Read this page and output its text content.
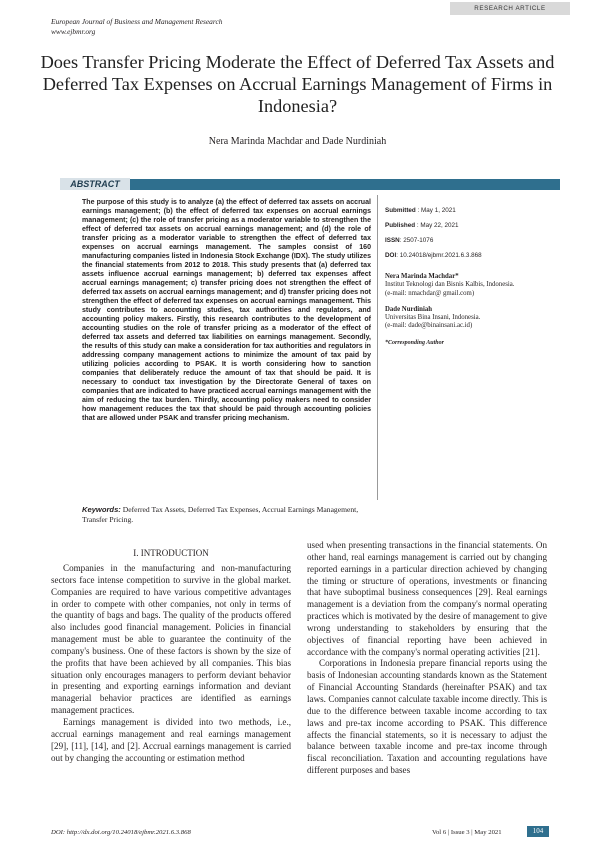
RESEARCH ARTICLE
European Journal of Business and Management Research
www.ejbmr.org
Does Transfer Pricing Moderate the Effect of Deferred Tax Assets and Deferred Tax Expenses on Accrual Earnings Management of Firms in Indonesia?
Nera Marinda Machdar and Dade Nurdiniah
ABSTRACT
The purpose of this study is to analyze (a) the effect of deferred tax assets on accrual earnings management; (b) the effect of deferred tax expenses on accrual earnings management; (c) the role of transfer pricing as a moderator variable to strengthen the effect of deferred tax assets on accrual earnings management; and (d) the role of transfer pricing as a moderator variable to strengthen the effect of deferred tax expenses on accrual earnings management. The samples consist of 160 manufacturing companies listed in Indonesia Stock Exchange (IDX). The study utilizes the financial statements from 2012 to 2018. This study presents that (a) deferred tax assets influence accrual earnings management; b) deferred tax expenses affect accrual earnings management; c) transfer pricing does not strengthen the effect of deferred tax assets on accrual earnings management; and d) transfer pricing does not strengthen the effect of deferred tax expenses on accrual earnings management. This study contributes to accounting studies, tax authorities and regulators, and accounting policy makers. Firstly, this research contributes to the development of accounting studies on the role of transfer pricing as a moderator of the effect of deferred tax assets and deferred tax liabilities on earnings management. Secondly, the results of this study can make a consideration for tax authorities and regulators in addressing company management actions to minimize the amount of tax paid by utilizing policies according to PSAK. It is worth considering how to sanction companies that deliberately reduce the amount of tax that should be paid. It is necessary to conduct tax investigation by the Directorate General of taxes on companies that are indicated to have practiced accrual earnings management with the aim of reducing the tax burden. Thirdly, accounting policy makers need to consider how management reduces the tax that should be paid through accounting policies that are allowed under PSAK and transfer pricing mechanism.
Submitted : May 1, 2021
Published : May 22, 2021
ISSN: 2507-1076
DOI: 10.24018/ejbmr.2021.6.3.868
Nera Marinda Machdar*
Institut Teknologi dan Bisnis Kalbis, Indonesia.
(e-mail: nmachdar@ gmail.com)
Dade Nurdiniah
Universitas Bina Insani, Indonesia.
(e-mail: dade@binainsani.ac.id)
*Corresponding Author
Keywords: Deferred Tax Assets, Deferred Tax Expenses, Accrual Earnings Management, Transfer Pricing.
I. INTRODUCTION

Companies in the manufacturing and non-manufacturing sectors face intense competition to survive in the global market. Companies are required to have various competitive advantages in order to compete with other companies, not only in terms of the quantity of bags and bags. The quality of the products offered also includes good financial management. Policies in financial management must be able to guarantee the continuity of the company's business. One of these factors is shown by the size of the profits that have been achieved by all companies. This bias situation only encourages managers to perform deviant behavior in presenting and exporting earnings information and deviant managerial behavior practices are identified as earnings management practices.

Earnings management is divided into two methods, i.e., accrual earnings management and real earnings management [29], [11], [14], and [2]. Accrual earnings management is carried out by changing the accounting or estimation method

used when presenting transactions in the financial statements. On other hand, real earnings management is carried out by changing reported earnings in a particular direction achieved by changing the timing or structure of operations, investments or financing that have suboptimal business consequences [29]. Real earnings management is a deviation from the company's normal operating practices which is motivated by the desire of management to give wrong understanding to stakeholders by ensuring that the objectives of financial reporting have been achieved in accordance with the company's normal operating activities [21].

Corporations in Indonesia prepare financial reports using the basis of Indonesian accounting standards known as the Statement of Financial Accounting Standards (hereinafter PSAK) and tax laws. Companies cannot calculate taxable income directly. This is due to the difference between taxable income according to tax laws and pre-tax income according to PSAK. This difference affects the financial statements, so it is necessary to adjust the balance between taxable income and pre-tax income through fiscal reconciliation. Taxation and accounting regulations have different purposes and bases

DOI: http://dx.doi.org/10.24018/ejbmr.2021.6.3.868	Vol 6 | Issue 3 | May 2021	104
